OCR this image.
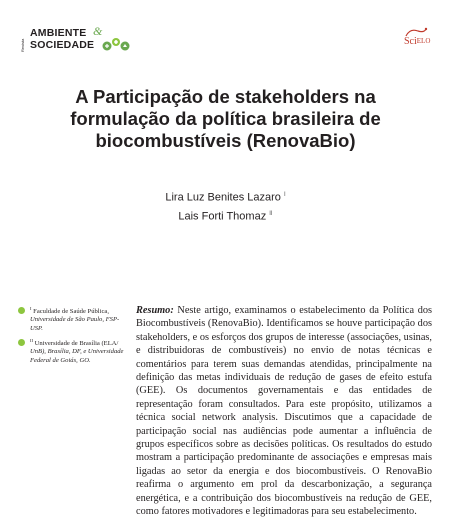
Revista
AMBIENTE &
SOCIEDADE	SciELO
A Participação de stakeholders na formulação da política brasileira de biocombustíveis (RenovaBio)
Lira Luz Benites Lazaro $^I$
Lais Forti Thomaz $^{II}$
$^I$ Faculdade de Saúde Pública, Universidade de São Paulo, FSP-USP.
$^{II}$ Universidade de Brasília (ELA/ UnB), Brasília, DF, e Universidade Federal de Goiás, GO.

Resumo: Neste artigo, examinamos o estabelecimento da Política dos Biocombustíveis (RenovaBio). Identificamos se houve participação dos stakeholders, e os esforços dos grupos de interesse (associações, usinas, e distribuidoras de combustíveis) no envio de notas técnicas e comentários para terem suas demandas atendidas, principalmente na definição das metas individuais de redução de gases de efeito estufa (GEE). Os documentos governamentais e das entidades de representação foram consultados. Para este propósito, utilizamos a técnica social network analysis. Discutimos que a capacidade de participação social nas audiências pode aumentar a influência de grupos específicos sobre as decisões políticas. Os resultados do estudo mostram a participação predominante de associações e empresas mais ligadas ao setor da energia e dos biocombustíveis. O RenovaBio reafirma o argumento em prol da descarbonização, a segurança energética, e a contribuição dos biocombustíveis na redução de GEE, como fatores motivadores e legitimadoras para seu estabelecimento.
